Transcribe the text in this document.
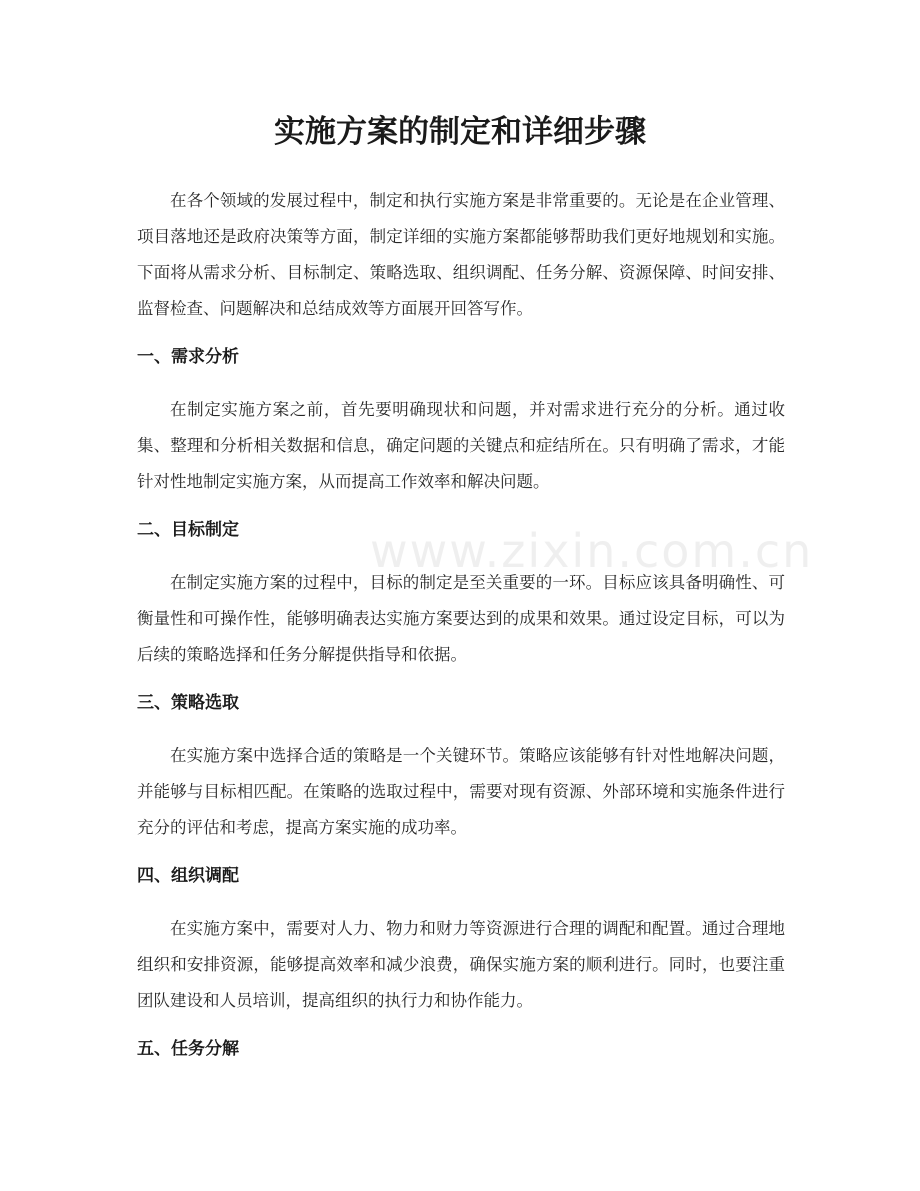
实施方案的制定和详细步骤

在各个领域的发展过程中，制定和执行实施方案是非常重要的。无论是在企业管理、项目落地还是政府决策等方面，制定详细的实施方案都能够帮助我们更好地规划和实施。下面将从需求分析、目标制定、策略选取、组织调配、任务分解、资源保障、时间安排、监督检查、问题解决和总结成效等方面展开回答写作。

一、需求分析

在制定实施方案之前，首先要明确现状和问题，并对需求进行充分的分析。通过收集、整理和分析相关数据和信息，确定问题的关键点和症结所在。只有明确了需求，才能针对性地制定实施方案，从而提高工作效率和解决问题。

二、目标制定

在制定实施方案的过程中，目标的制定是至关重要的一环。目标应该具备明确性、可衡量性和可操作性，能够明确表达实施方案要达到的成果和效果。通过设定目标，可以为后续的策略选择和任务分解提供指导和依据。

三、策略选取

在实施方案中选择合适的策略是一个关键环节。策略应该能够有针对性地解决问题，并能够与目标相匹配。在策略的选取过程中，需要对现有资源、外部环境和实施条件进行充分的评估和考虑，提高方案实施的成功率。

四、组织调配

在实施方案中，需要对人力、物力和财力等资源进行合理的调配和配置。通过合理地组织和安排资源，能够提高效率和减少浪费，确保实施方案的顺利进行。同时，也要注重团队建设和人员培训，提高组织的执行力和协作能力。

五、任务分解
www.zixin.com.cn
